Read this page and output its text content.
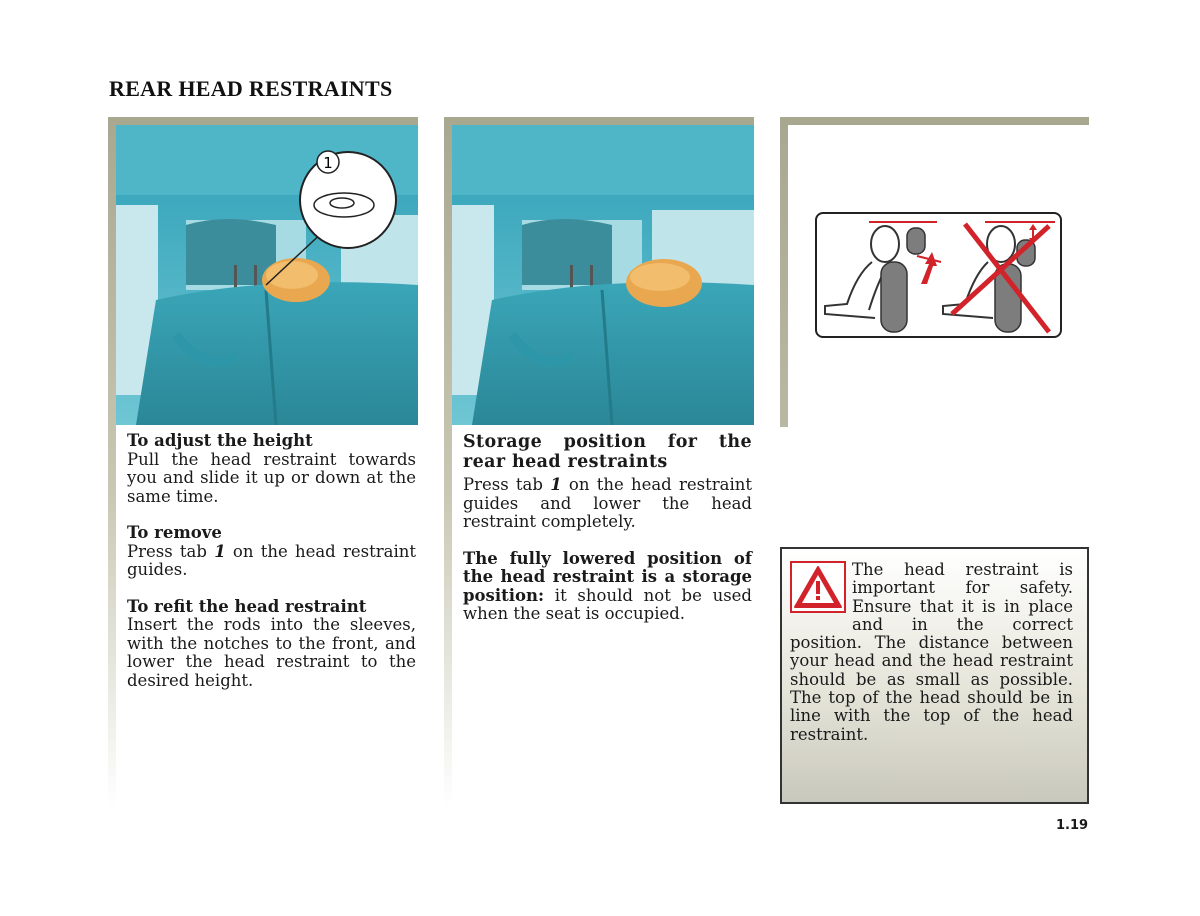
REAR HEAD RESTRAINTS
1

To adjust the height

Pull the head restraint towards you and slide it up or down at the same time.

To remove

Press tab 1 on the head restraint guides.

To refit the head restraint

Insert the rods into the sleeves, with the notches to the front, and lower the head restraint to the desired height.

Storage position for the rear head restraints

Press tab 1 on the head restraint guides and lower the head restraint completely.

The fully lowered position of the head restraint is a storage position: it should not be used when the seat is occupied.

The head restraint is important for safety. Ensure that it is in place and in the correct position. The distance between your head and the head restraint should be as small as possible. The top of the head should be in line with the top of the head restraint.
1.19
